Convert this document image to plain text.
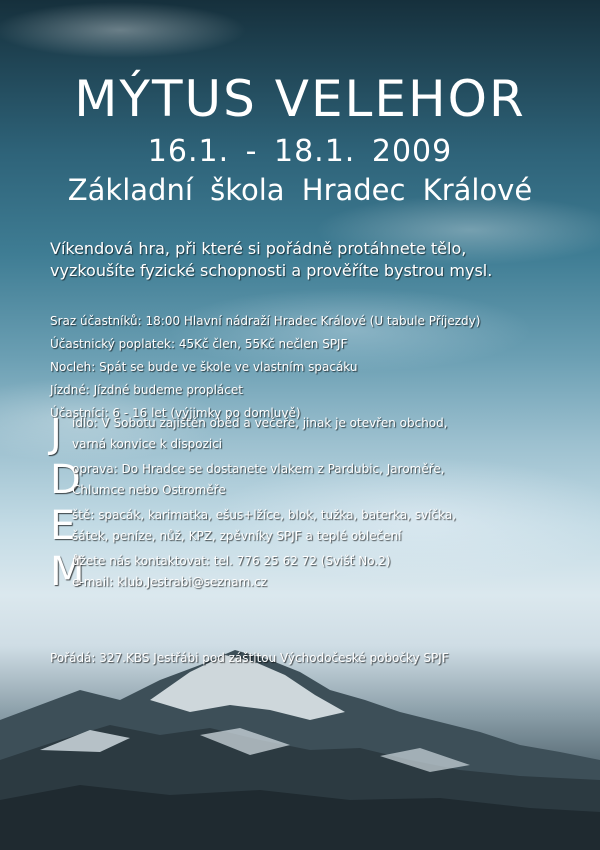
MÝTUS VELEHOR
16.1. - 18.1. 2009
Základní škola Hradec Králové
Víkendová hra, při které si pořádně protáhnete tělo,
vyzkoušíte fyzické schopnosti a prověříte bystrou mysl.
Sraz účastníků: 18:00 Hlavní nádraží Hradec Králové (U tabule Příjezdy)
Účastnický poplatek: 45Kč člen, 55Kč nečlen SPJF
Nocleh: Spát se bude ve škole ve vlastním spacáku
Jízdné: Jízdné budeme proplácet
Účastníci: 6 - 16 let (výjimky po domluvě)
J ídlo: V Sobotu zajištěn oběd a večeře, jinak je otevřen obchod,
varná konvice k dispozici
D
oprava: Do Hradce se dostanete vlakem z Pardubic, Jaroměře,
Chlumce nebo Ostroměře
E
ště: spacák, karimatka, ešus+lžíce, blok, tužka, baterka, svíčka,
šátek, peníze, nůž, KPZ, zpěvníky SPJF a teplé oblečení
M
ůžete nás kontaktovat: tel. 776 25 62 72 (Svišť No.2)
e-mail: klub.Jestrabi@seznam.cz
Pořádá: 327.KBS Jestřábi pod záštitou Východočeské pobočky SPJF
